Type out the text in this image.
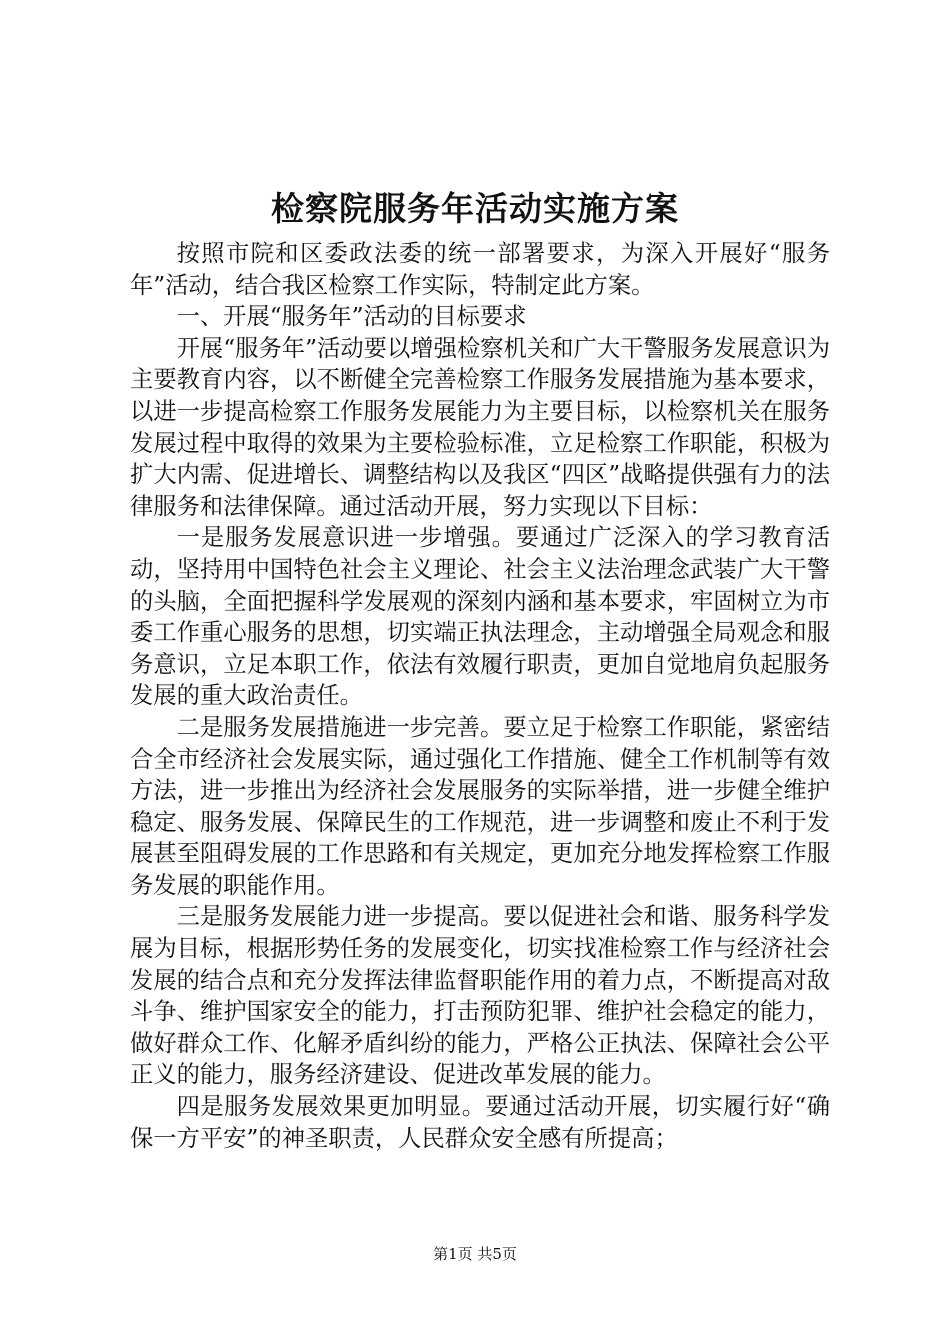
检察院服务年活动实施方案

按照市院和区委政法委的统一部署要求，为深入开展好“服务年”活动，结合我区检察工作实际，特制定此方案。

一、开展“服务年”活动的目标要求

开展“服务年”活动要以增强检察机关和广大干警服务发展意识为主要教育内容，以不断健全完善检察工作服务发展措施为基本要求，以进一步提高检察工作服务发展能力为主要目标，以检察机关在服务发展过程中取得的效果为主要检验标准，立足检察工作职能，积极为扩大内需、促进增长、调整结构以及我区“四区”战略提供强有力的法律服务和法律保障。通过活动开展，努力实现以下目标：

一是服务发展意识进一步增强。要通过广泛深入的学习教育活动，坚持用中国特色社会主义理论、社会主义法治理念武装广大干警的头脑，全面把握科学发展观的深刻内涵和基本要求，牢固树立为市委工作重心服务的思想，切实端正执法理念，主动增强全局观念和服务意识，立足本职工作，依法有效履行职责，更加自觉地肩负起服务发展的重大政治责任。

二是服务发展措施进一步完善。要立足于检察工作职能，紧密结合全市经济社会发展实际，通过强化工作措施、健全工作机制等有效方法，进一步推出为经济社会发展服务的实际举措，进一步健全维护稳定、服务发展、保障民生的工作规范，进一步调整和废止不利于发展甚至阻碍发展的工作思路和有关规定，更加充分地发挥检察工作服务发展的职能作用。

三是服务发展能力进一步提高。要以促进社会和谐、服务科学发展为目标，根据形势任务的发展变化，切实找准检察工作与经济社会发展的结合点和充分发挥法律监督职能作用的着力点，不断提高对敌斗争、维护国家安全的能力，打击预防犯罪、维护社会稳定的能力，做好群众工作、化解矛盾纠纷的能力，严格公正执法、保障社会公平正义的能力，服务经济建设、促进改革发展的能力。

四是服务发展效果更加明显。要通过活动开展，切实履行好“确保一方平安”的神圣职责，人民群众安全感有所提高；

第1页 共5页
